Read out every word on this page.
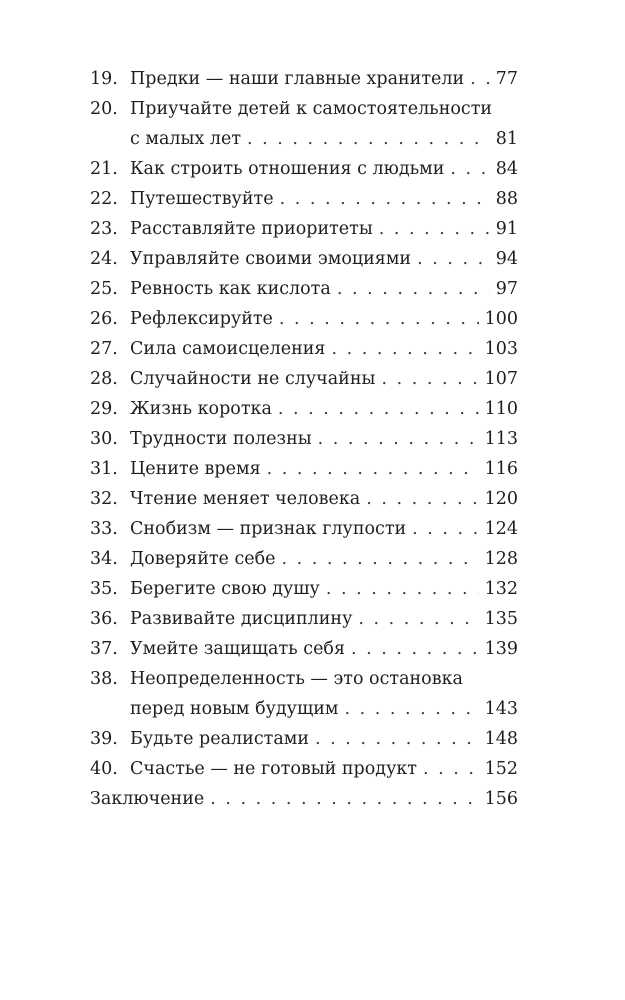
19. Предки — наши главные хранители . . . 77
20. Приучайте детей к самостоятельности
с малых лет . . .	81
21. Как строить отношения с людьми . . .	84
22. Путешествуйте . . .	88
23. Расставляйте приоритеты . . .	91
24. Управляйте своими эмоциями . . .	94
25. Ревность как кислота . . .	97
26. Рефлексируйте . . .	100
27. Сила самоисцеления . . .	103
28. Случайности не случайны . . .	107
29. Жизнь коротка . . .	110
30. Трудности полезны . . .	113
31. Цените время . . .	116
32. Чтение меняет человека . . .	120
33. Снобизм — признак глупости . . .	124
34. Доверяйте себе . . .	128
35. Берегите свою душу . . .	132
36. Развивайте дисциплину . . .	135
37. Умейте защищать себя . . .	139
38. Неопределенность — это остановка
перед новым будущим . . .	143
39. Будьте реалистами . . .	148
40. Счастье — не готовый продукт . . .	152
Заключение . . .	156
